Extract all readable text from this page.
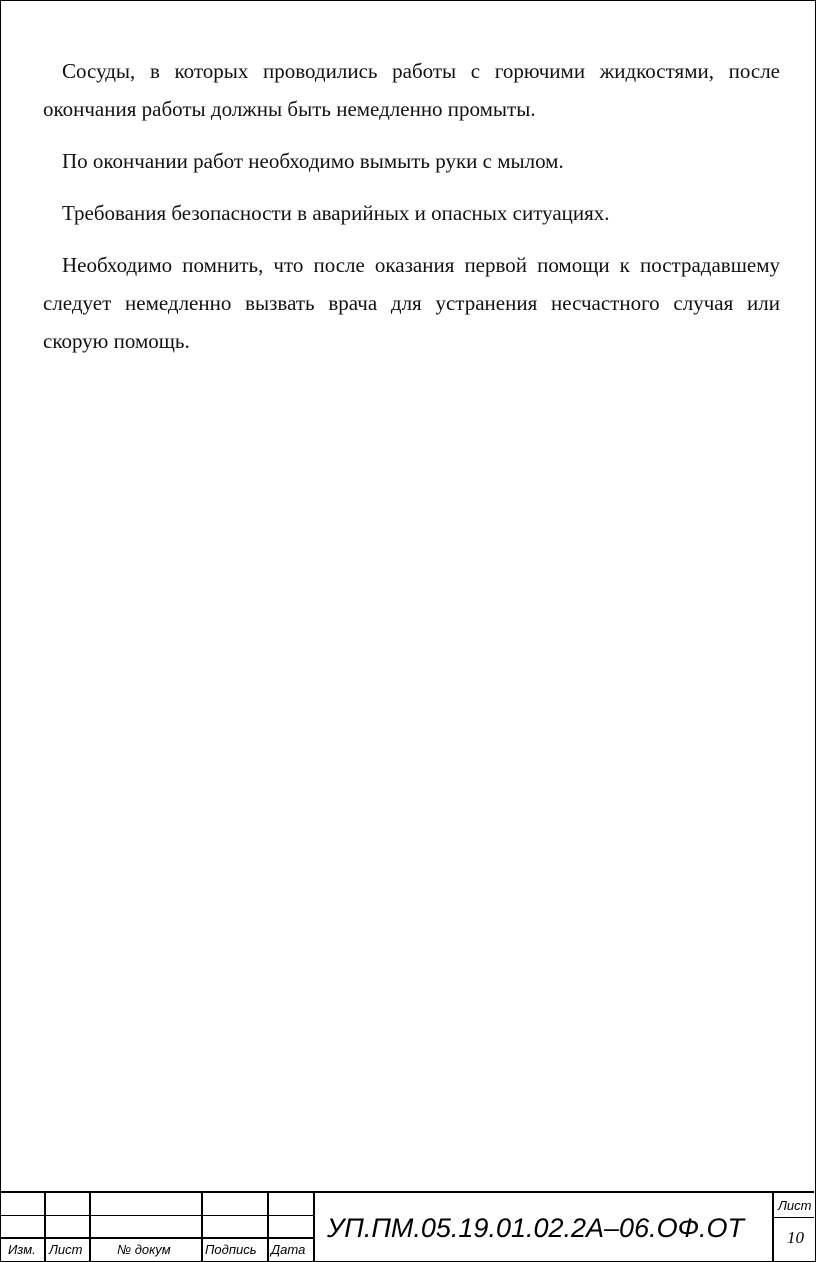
Сосуды, в которых проводились работы с горючими жидкостями, после окончания работы должны быть немедленно промыты.

По окончании работ необходимо вымыть руки с мылом.

Требования безопасности в аварийных и опасных ситуациях.

Необходимо помнить, что после оказания первой помощи к пострадавшему следует немедленно вызвать врача для устранения несчастного случая или скорую помощь.

Изм. Лист	№ докум	Подпись Дата
УП.ПМ.05.19.01.02.2А–06.ОФ.ОТ
Лист
10
